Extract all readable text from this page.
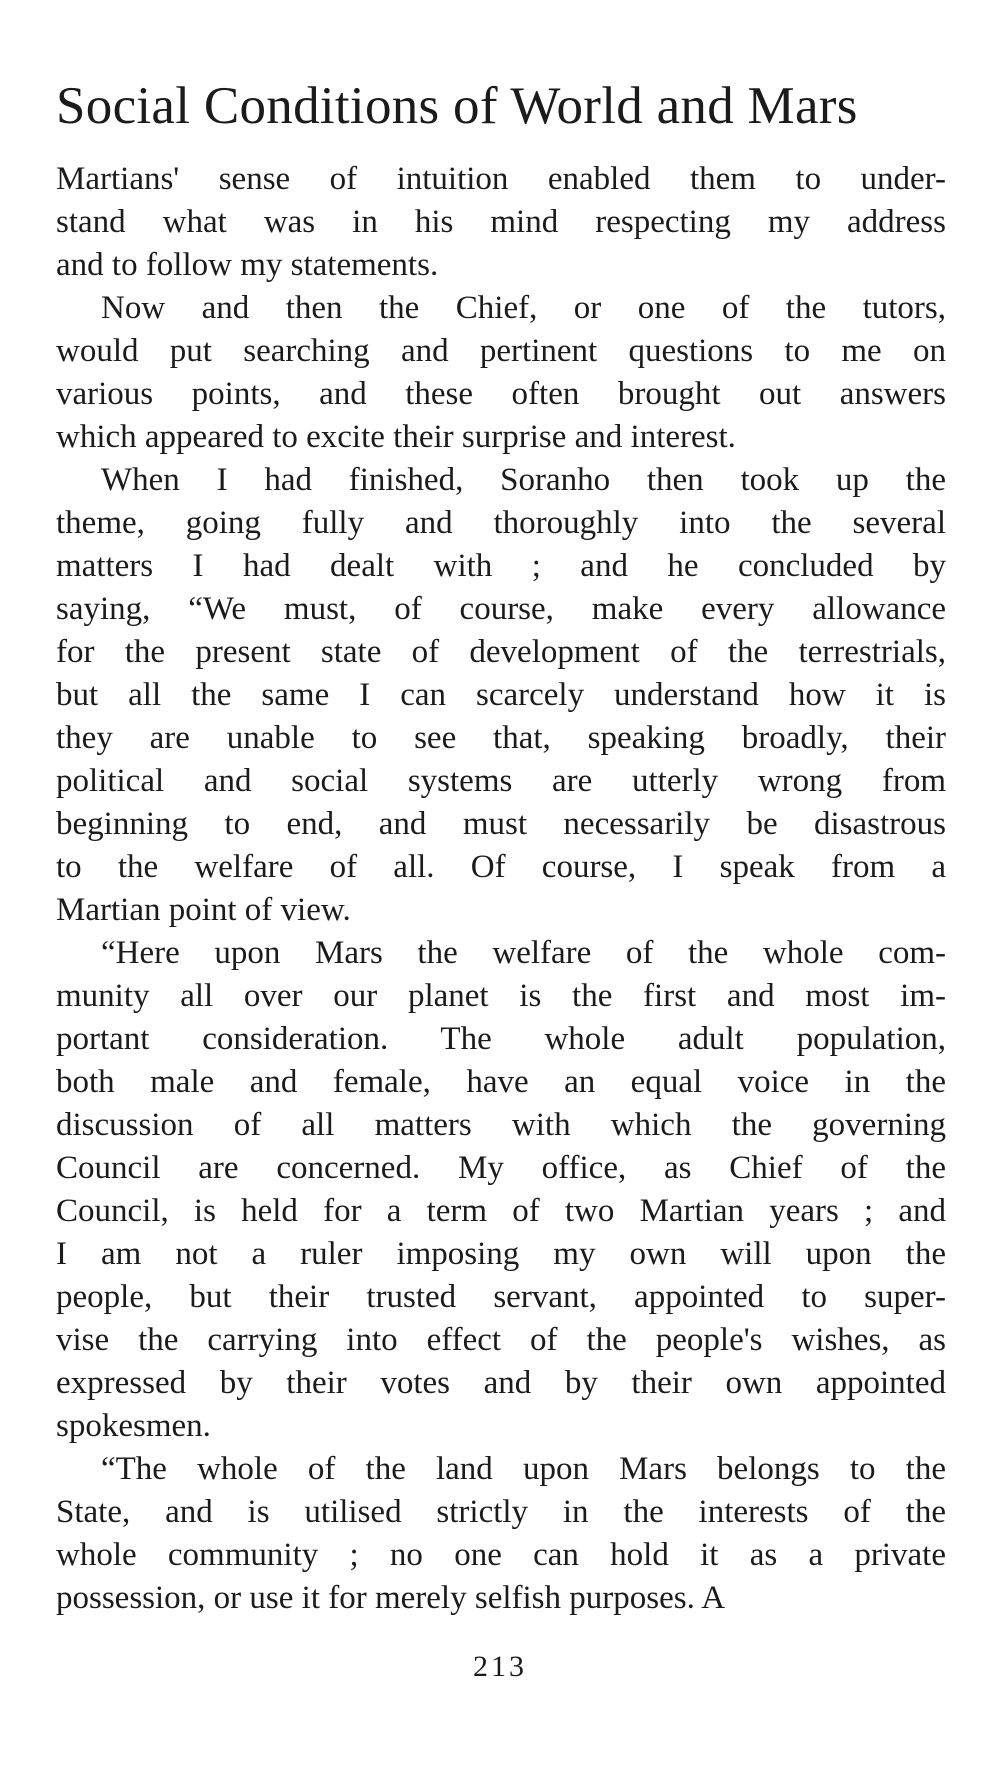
Social Conditions of World and Mars

Martians' sense of intuition enabled them to under-
stand what was in his mind respecting my address
and to follow my statements.

Now and then the Chief, or one of the tutors,
would put searching and pertinent questions to me on
various points, and these often brought out answers
which appeared to excite their surprise and interest.

When I had finished, Soranho then took up the
theme, going fully and thoroughly into the several
matters I had dealt with ; and he concluded by
saying, “We must, of course, make every allowance
for the present state of development of the terrestrials,
but all the same I can scarcely understand how it is
they are unable to see that, speaking broadly, their
political and social systems are utterly wrong from
beginning to end, and must necessarily be disastrous
to the welfare of all. Of course, I speak from a
Martian point of view.

“Here upon Mars the welfare of the whole com-
munity all over our planet is the first and most im-
portant consideration. The whole adult population,
both male and female, have an equal voice in the
discussion of all matters with which the governing
Council are concerned. My office, as Chief of the
Council, is held for a term of two Martian years ; and
I am not a ruler imposing my own will upon the
people, but their trusted servant, appointed to super-
vise the carrying into effect of the people's wishes, as
expressed by their votes and by their own appointed
spokesmen.

“The whole of the land upon Mars belongs to the
State, and is utilised strictly in the interests of the
whole community ; no one can hold it as a private
possession, or use it for merely selfish purposes. A

213
